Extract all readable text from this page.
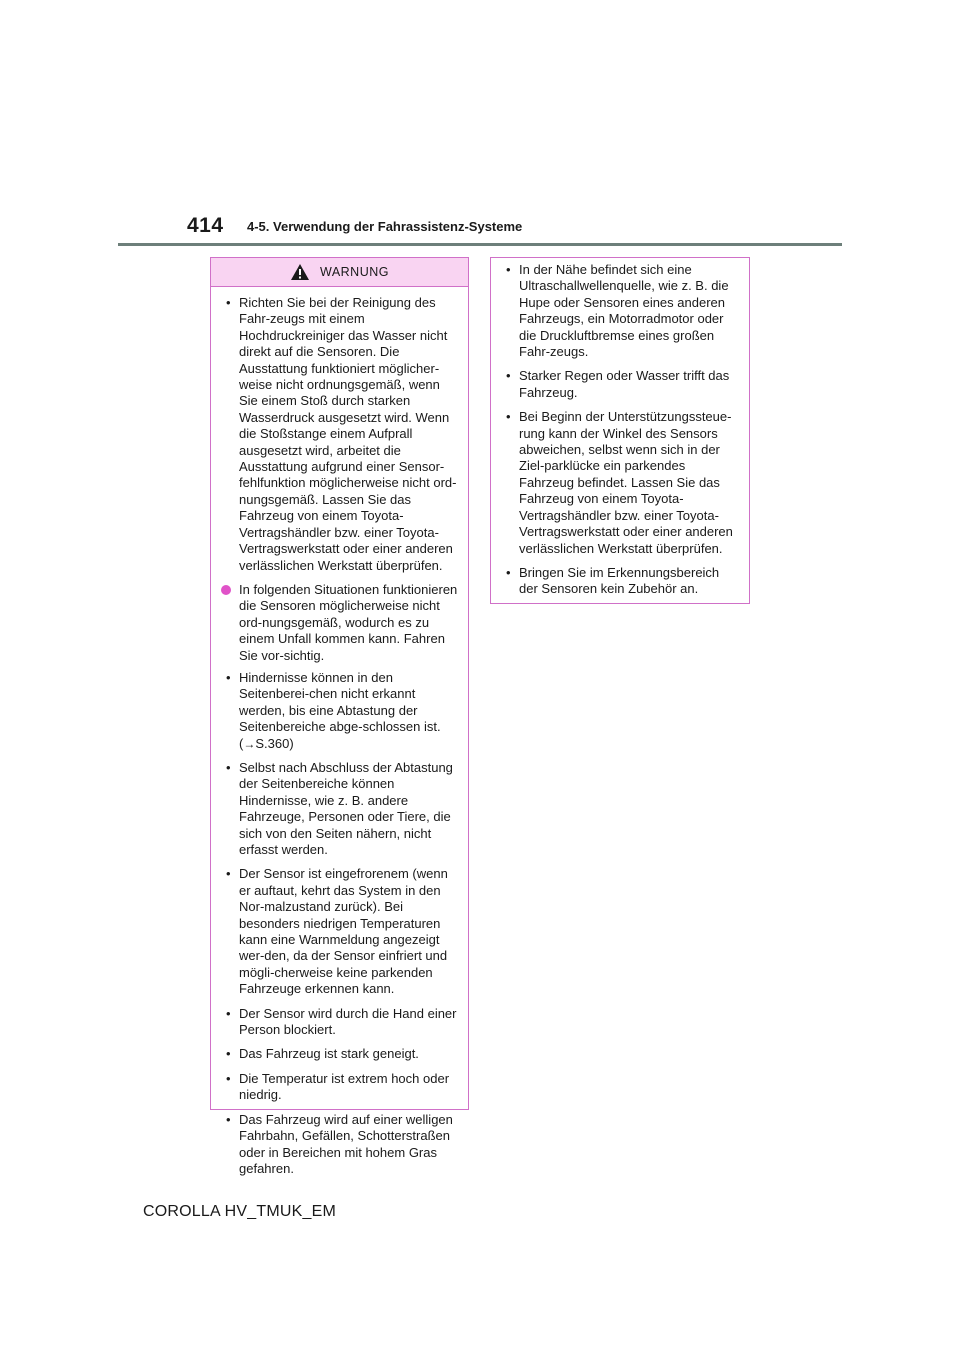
414 4-5. Verwendung der Fahrassistenz-Systeme
WARNUNG
• Richten Sie bei der Reinigung des Fahr-zeugs mit einem Hochdruckreiniger das Wasser nicht direkt auf die Sensoren. Die Ausstattung funktioniert möglicher-weise nicht ordnungsgemäß, wenn Sie einem Stoß durch starken Wasserdruck ausgesetzt wird. Wenn die Stoßstange einem Aufprall ausgesetzt wird, arbeitet die Ausstattung aufgrund einer Sensor-fehlfunktion möglicherweise nicht ord-nungsgemäß. Lassen Sie das Fahrzeug von einem Toyota-Vertragshändler bzw. einer Toyota-Vertragswerkstatt oder einer anderen verlässlichen Werkstatt überprüfen.
In folgenden Situationen funktionieren die Sensoren möglicherweise nicht ord-nungsgemäß, wodurch es zu einem Unfall kommen kann. Fahren Sie vor-sichtig.
• Hindernisse können in den Seitenberei-chen nicht erkannt werden, bis eine Abtastung der Seitenbereiche abge-schlossen ist. (→S.360)
• Selbst nach Abschluss der Abtastung der Seitenbereiche können Hindernisse, wie z. B. andere Fahrzeuge, Personen oder Tiere, die sich von den Seiten nähern, nicht erfasst werden.
• Der Sensor ist eingefrorenem (wenn er auftaut, kehrt das System in den Nor-malzustand zurück). Bei besonders niedrigen Temperaturen kann eine Warnmeldung angezeigt wer-den, da der Sensor einfriert und mögli-cherweise keine parkenden Fahrzeuge erkennen kann.
• Der Sensor wird durch die Hand einer Person blockiert.
• Das Fahrzeug ist stark geneigt.
• Die Temperatur ist extrem hoch oder niedrig.
• Das Fahrzeug wird auf einer welligen Fahrbahn, Gefällen, Schotterstraßen oder in Bereichen mit hohem Gras gefahren.
• In der Nähe befindet sich eine Ultraschallwellenquelle, wie z. B. die Hupe oder Sensoren eines anderen Fahrzeugs, ein Motorradmotor oder die Druckluftbremse eines großen Fahr-zeugs.
• Starker Regen oder Wasser trifft das Fahrzeug.
• Bei Beginn der Unterstützungssteue-rung kann der Winkel des Sensors abweichen, selbst wenn sich in der Ziel-parklücke ein parkendes Fahrzeug befindet. Lassen Sie das Fahrzeug von einem Toyota-Vertragshändler bzw. einer Toyota-Vertragswerkstatt oder einer anderen verlässlichen Werkstatt überprüfen.
• Bringen Sie im Erkennungsbereich der Sensoren kein Zubehör an.
COROLLA HV_TMUK_EM
